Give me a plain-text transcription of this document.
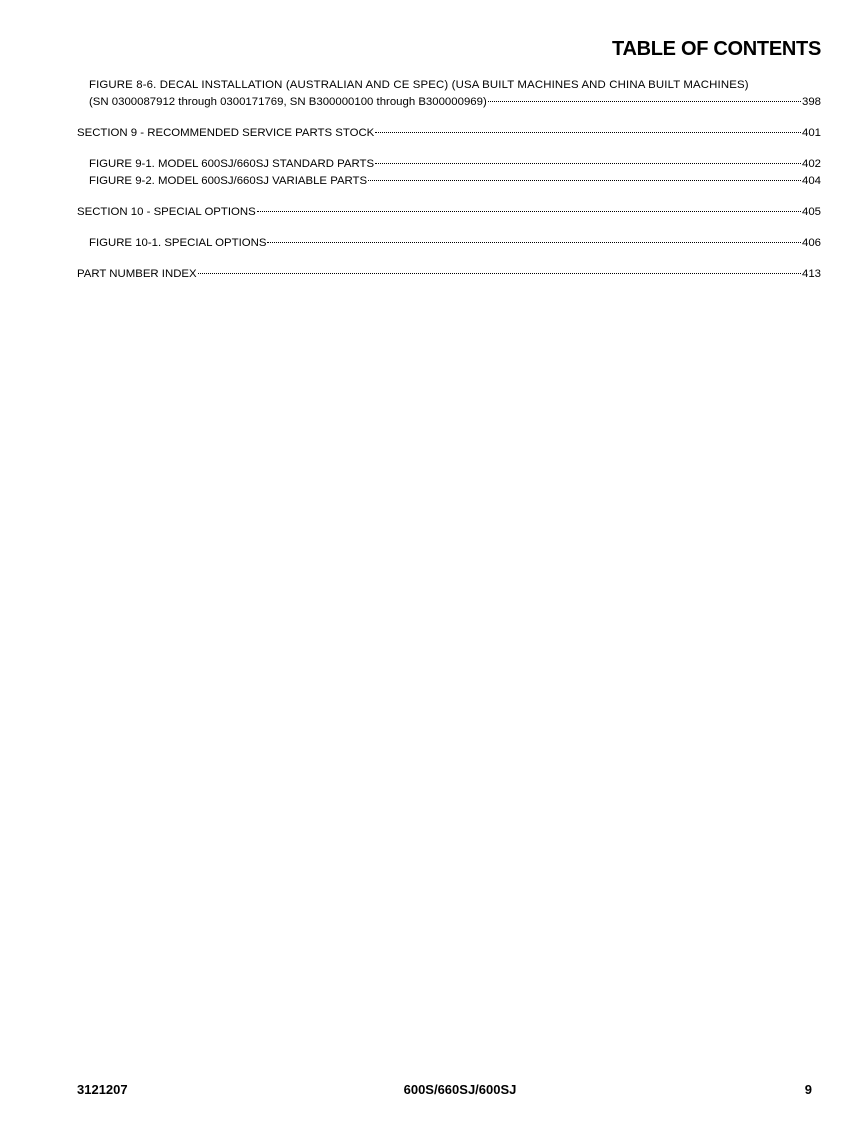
TABLE OF CONTENTS
FIGURE 8-6. DECAL INSTALLATION (AUSTRALIAN AND CE SPEC) (USA BUILT MACHINES AND CHINA BUILT MACHINES)
(SN 0300087912 through 0300171769, SN B300000100 through B300000969)	398
SECTION 9 - RECOMMENDED SERVICE PARTS STOCK	401
FIGURE 9-1. MODEL 600SJ/660SJ STANDARD PARTS	402
FIGURE 9-2. MODEL 600SJ/660SJ VARIABLE PARTS	404
SECTION 10 - SPECIAL OPTIONS	405
FIGURE 10-1. SPECIAL OPTIONS	406
PART NUMBER INDEX	413
3121207	600S/660SJ/600SJ	9
